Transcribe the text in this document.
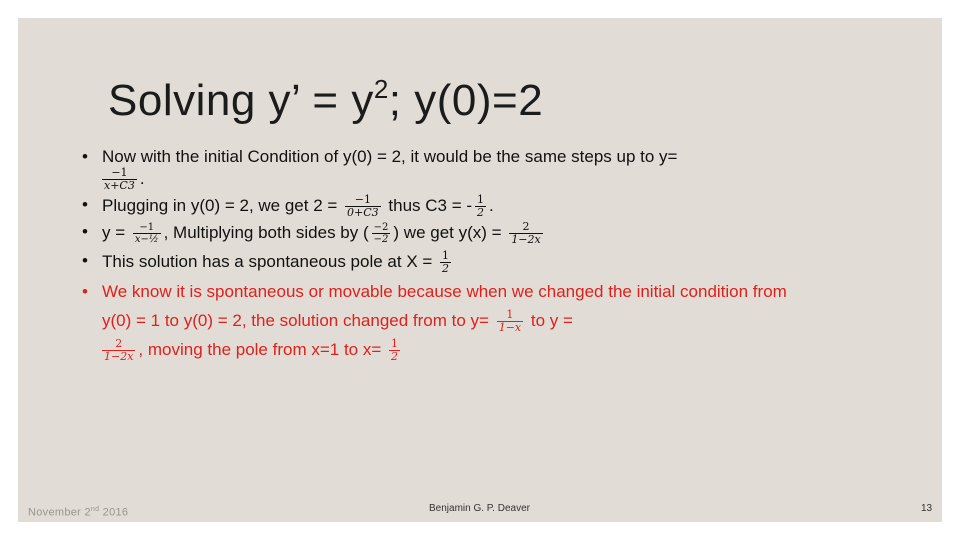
Solving y’ = $y^2$; y(0)=2
• Now with the initial Condition of y(0) = 2, it would be the same steps up to y=

$\frac{-1}{x+C3}$ .
• Plugging in y(0) = 2, we get $2 = \frac{-1}{0+C3}$ thus C3 = - $\frac{1}{2}$ .
• $y = \frac{-1}{\text{x−½}}$ , Multiplying both sides by ( $\frac{-2}{-2}$ ) we get $y(x) = \frac{2}{1-2x}$
• This solution has a spontaneous pole at $X = \frac{1}{2}$
• We know it is spontaneous or movable because when we changed the initial condition from y(0) = 1 to y(0) = 2, the solution changed from to $y= \frac{1}{1-x}$ to y =

$\frac{2}{1-2x}$ , moving the pole from x=1 to $x= \frac{1}{2}$
November 2nd 2016	Benjamin G. P. Deaver	13
